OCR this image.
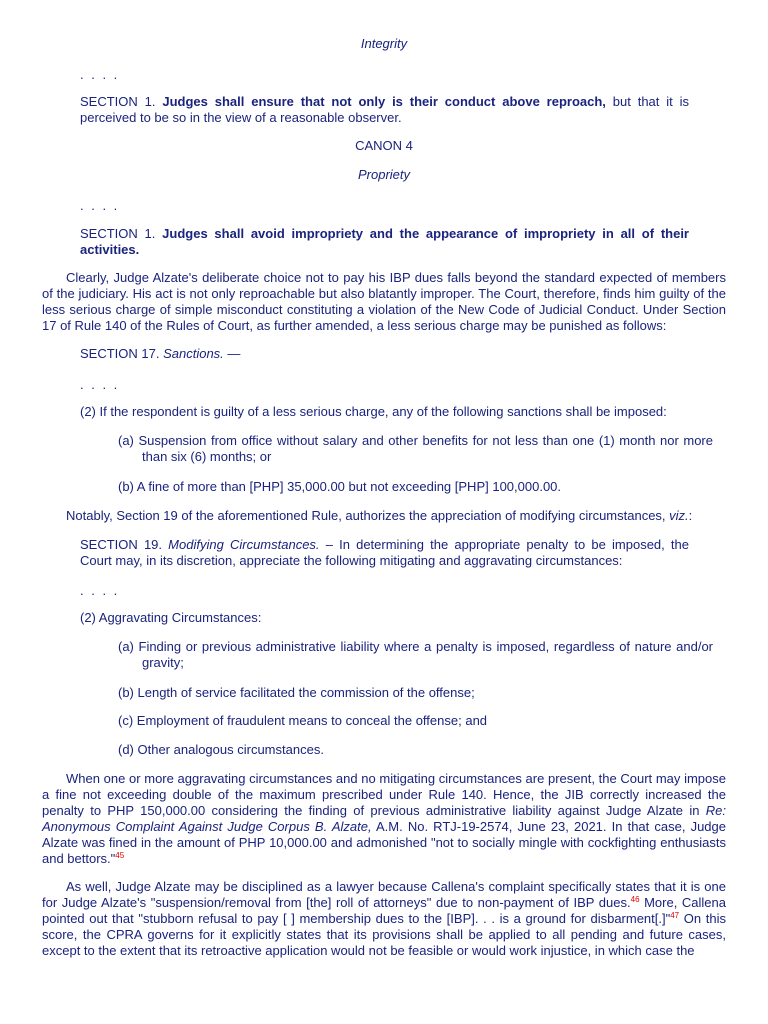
Integrity

. . . .

SECTION 1. Judges shall ensure that not only is their conduct above reproach, but that it is perceived to be so in the view of a reasonable observer.

CANON 4

Propriety

. . . .

SECTION 1. Judges shall avoid impropriety and the appearance of impropriety in all of their activities.

Clearly, Judge Alzate's deliberate choice not to pay his IBP dues falls beyond the standard expected of members of the judiciary. His act is not only reproachable but also blatantly improper. The Court, therefore, finds him guilty of the less serious charge of simple misconduct constituting a violation of the New Code of Judicial Conduct. Under Section 17 of Rule 140 of the Rules of Court, as further amended, a less serious charge may be punished as follows:

SECTION 17. Sanctions. —

. . . .

(2) If the respondent is guilty of a less serious charge, any of the following sanctions shall be imposed:

(a) Suspension from office without salary and other benefits for not less than one (1) month nor more than six (6) months; or

(b) A fine of more than [PHP] 35,000.00 but not exceeding [PHP] 100,000.00.

Notably, Section 19 of the aforementioned Rule, authorizes the appreciation of modifying circumstances, viz.:

SECTION 19. Modifying Circumstances. – In determining the appropriate penalty to be imposed, the Court may, in its discretion, appreciate the following mitigating and aggravating circumstances:

. . . .

(2) Aggravating Circumstances:

(a) Finding or previous administrative liability where a penalty is imposed, regardless of nature and/or gravity;

(b) Length of service facilitated the commission of the offense;

(c) Employment of fraudulent means to conceal the offense; and

(d) Other analogous circumstances.

When one or more aggravating circumstances and no mitigating circumstances are present, the Court may impose a fine not exceeding double of the maximum prescribed under Rule 140. Hence, the JIB correctly increased the penalty to PHP 150,000.00 considering the finding of previous administrative liability against Judge Alzate in Re: Anonymous Complaint Against Judge Corpus B. Alzate, A.M. No. RTJ-19-2574, June 23, 2021. In that case, Judge Alzate was fined in the amount of PHP 10,000.00 and admonished "not to socially mingle with cockfighting enthusiasts and bettors."$^{45}$

As well, Judge Alzate may be disciplined as a lawyer because Callena's complaint specifically states that it is one for Judge Alzate's "suspension/removal from [the] roll of attorneys" due to non-payment of IBP dues.$^{46}$ More, Callena pointed out that "stubborn refusal to pay [ ] membership dues to the [IBP]. . . is a ground for disbarment[.]"$^{47}$ On this score, the CPRA governs for it explicitly states that its provisions shall be applied to all pending and future cases, except to the extent that its retroactive application would not be feasible or would work injustice, in which case the
